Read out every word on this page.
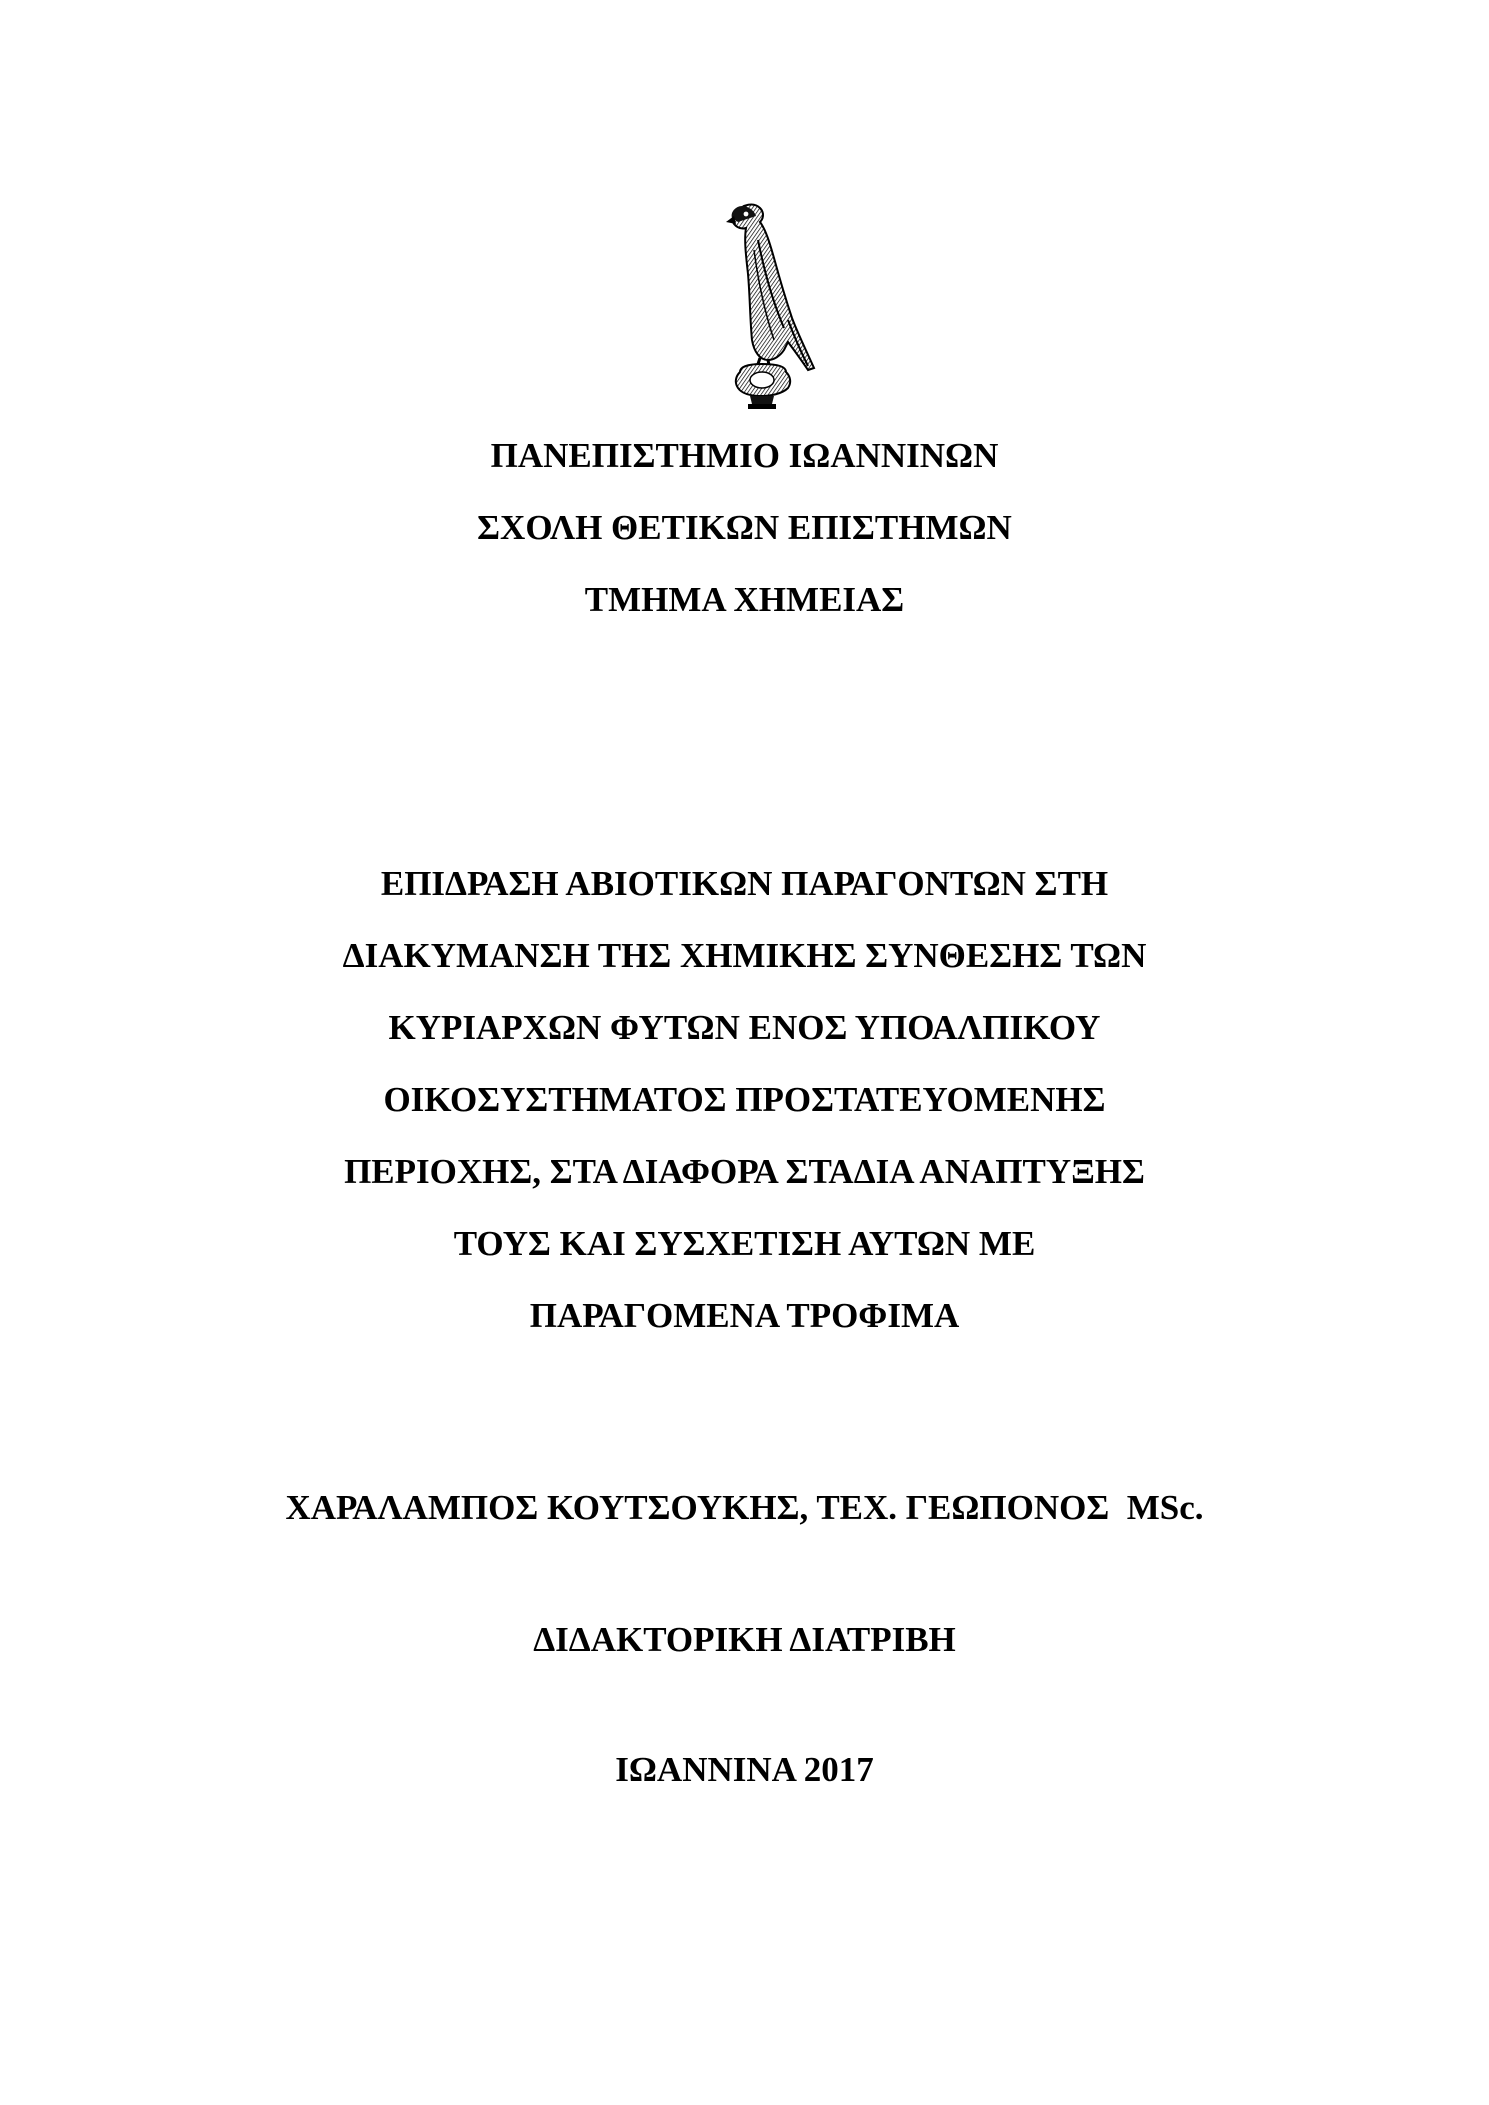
ΠΑΝΕΠΙΣΤΗΜΙΟ ΙΩΑΝΝΙΝΩΝ
ΣΧΟΛΗ ΘΕΤΙΚΩΝ ΕΠΙΣΤΗΜΩΝ
ΤΜΗΜΑ ΧΗΜΕΙΑΣ
ΕΠΙΔΡΑΣΗ ΑΒΙΟΤΙΚΩΝ ΠΑΡΑΓΟΝΤΩΝ ΣΤΗ
ΔΙΑΚΥΜΑΝΣΗ ΤΗΣ ΧΗΜΙΚΗΣ ΣΥΝΘΕΣΗΣ ΤΩΝ
ΚΥΡΙΑΡΧΩΝ ΦΥΤΩΝ ΕΝΟΣ ΥΠΟΑΛΠΙΚΟΥ
ΟΙΚΟΣΥΣΤΗΜΑΤΟΣ ΠΡΟΣΤΑΤΕΥΟΜΕΝΗΣ
ΠΕΡΙΟΧΗΣ, ΣΤΑ ΔΙΑΦΟΡΑ ΣΤΑΔΙΑ ΑΝΑΠΤΥΞΗΣ
ΤΟΥΣ ΚΑΙ ΣΥΣΧΕΤΙΣΗ ΑΥΤΩΝ ΜΕ
ΠΑΡΑΓΟΜΕΝΑ ΤΡΟΦΙΜΑ
ΧΑΡΑΛΑΜΠΟΣ ΚΟΥΤΣΟΥΚΗΣ, ΤΕΧ. ΓΕΩΠΟΝΟΣ  MSc.
ΔΙΔΑΚΤΟΡΙΚΗ ΔΙΑΤΡΙΒΗ
ΙΩΑΝΝΙΝΑ 2017
